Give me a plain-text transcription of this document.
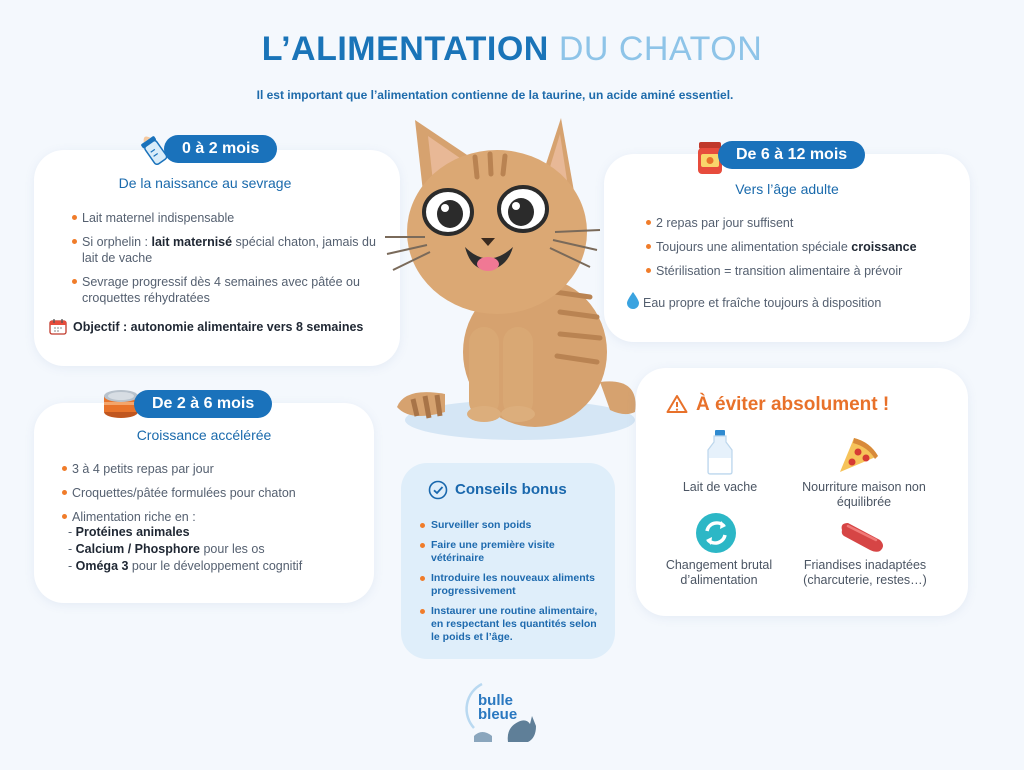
L’ALIMENTATION DU CHATON
Il est important que l’alimentation contienne de la taurine, un acide aminé essentiel.
0 à 2 mois
De la naissance au sevrage
Lait maternel indispensable
Si orphelin : lait maternisé spécial chaton, jamais du lait de vache
Sevrage progressif dès 4 semaines avec pâtée ou croquettes réhydratées
Objectif : autonomie alimentaire vers 8 semaines
De 2 à 6 mois
Croissance accélérée
3 à 4 petits repas par jour
Croquettes/pâtée formulées pour chaton
Alimentation riche en :
- Protéines animales
- Calcium / Phosphore pour les os
- Oméga 3 pour le développement cognitif
De 6 à 12 mois
Vers l’âge adulte
2 repas par jour suffisent
Toujours une alimentation spéciale croissance
Stérilisation = transition alimentaire à prévoir
Eau propre et fraîche toujours à disposition
Conseils bonus
Surveiller son poids
Faire une première visite vétérinaire
Introduire les nouveaux aliments progressivement
Instaurer une routine alimentaire, en respectant les quantités selon le poids et l’âge.
À éviter absolument !
Lait de vache	Nourriture maison non équilibrée
Changement brutal d’alimentation
Friandises inadaptées (charcuterie, restes…)
bulle
bleue
